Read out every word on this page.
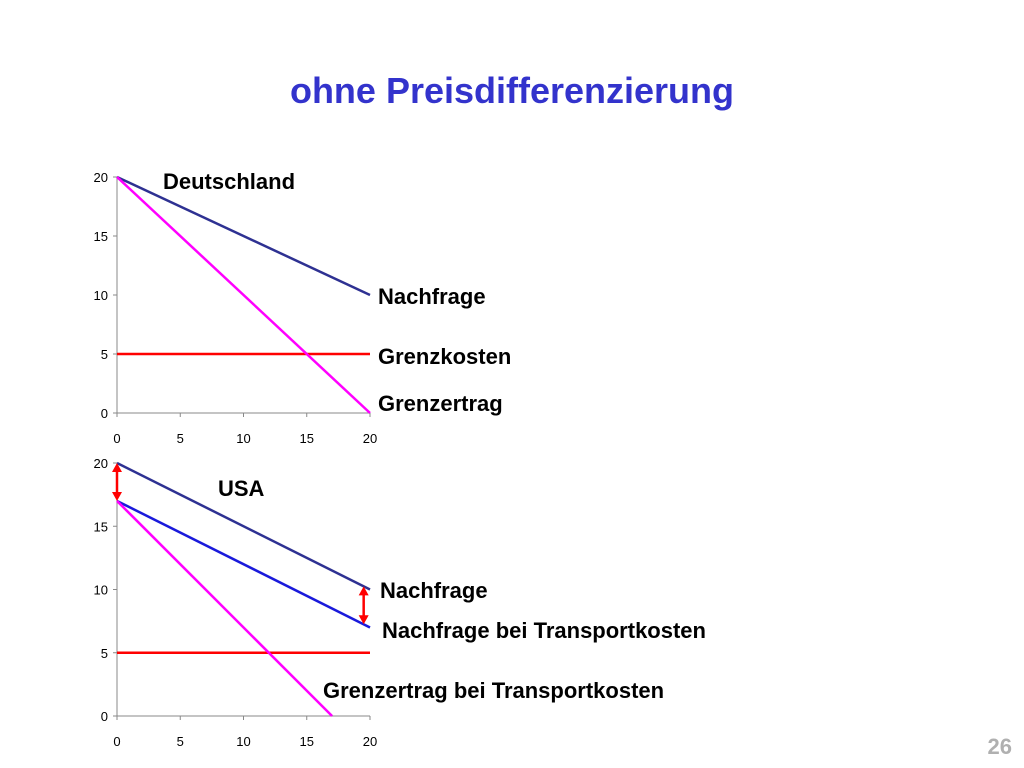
ohne Preisdifferenzierung
0
5
10
15
20
0	5	10	15	20
Nachfrage
Grenzkosten
Grenzertrag
Deutschland
0
5
10
15
20
0	5	10	15	20
Nachfrage
Nachfrage bei Transportkosten
Grenzertrag bei Transportkosten
USA
26
